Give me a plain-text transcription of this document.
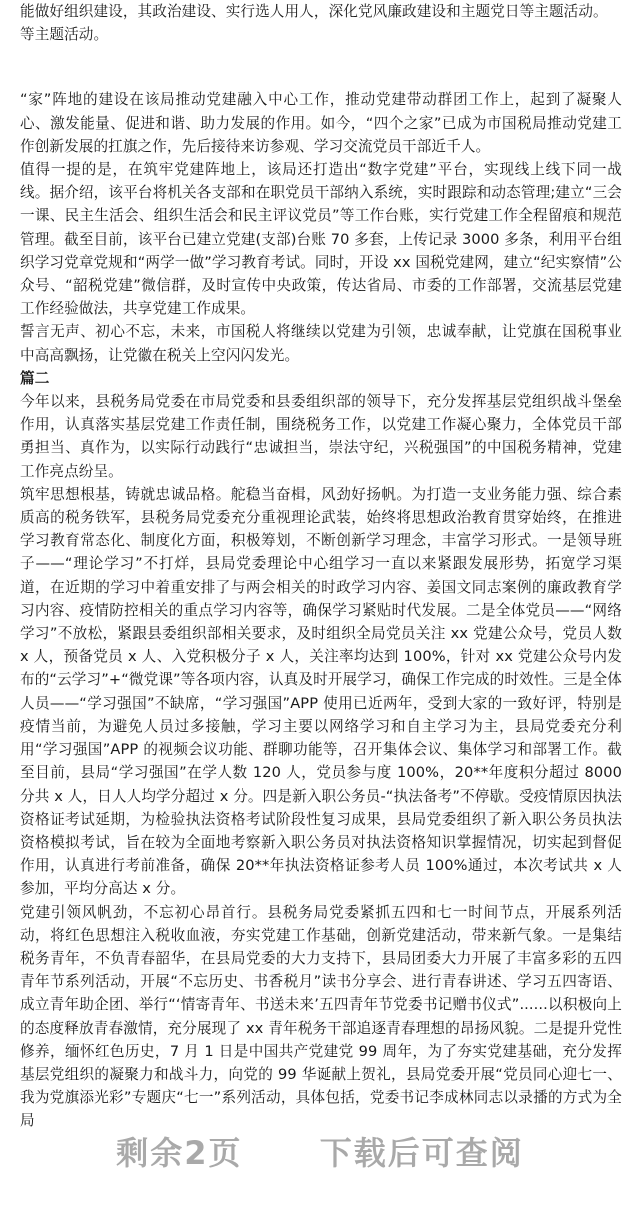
能做好组织建设，其政治建设、实行选人用人，深化党风廉政建设和主题党日等主题活动。

等主题活动。

“家”阵地的建设在该局推动党建融入中心工作，推动党建带动群团工作上，起到了凝聚人心、激发能量、促进和谐、助力发展的作用。如今，“四个之家”已成为市国税局推动党建工作创新发展的扛旗之作，先后接待来访参观、学习交流党员干部近千人。

值得一提的是，在筑牢党建阵地上，该局还打造出“数字党建”平台，实现线上线下同一战线。据介绍，该平台将机关各支部和在职党员干部纳入系统，实时跟踪和动态管理;建立“三会一课、民主生活会、组织生活会和民主评议党员”等工作台账，实行党建工作全程留痕和规范管理。截至目前，该平台已建立党建(支部)台账 70 多套，上传记录 3000 多条，利用平台组织学习党章党规和“两学一做”学习教育考试。同时，开设 xx 国税党建网，建立“纪实察情”公众号、“韶税党建”微信群，及时宣传中央政策，传达省局、市委的工作部署，交流基层党建工作经验做法，共享党建工作成果。

誓言无声、初心不忘，未来，市国税人将继续以党建为引领，忠诚奉献，让党旗在国税事业中高高飘扬，让党徽在税关上空闪闪发光。

篇二

今年以来，县税务局党委在市局党委和县委组织部的领导下，充分发挥基层党组织战斗堡垒作用，认真落实基层党建工作责任制，围绕税务工作，以党建工作凝心聚力，全体党员干部勇担当、真作为，以实际行动践行“忠诚担当，崇法守纪，兴税强国”的中国税务精神，党建工作亮点纷呈。

筑牢思想根基，铸就忠诚品格。舵稳当奋楫，风劲好扬帆。为打造一支业务能力强、综合素质高的税务铁军，县税务局党委充分重视理论武装，始终将思想政治教育贯穿始终，在推进学习教育常态化、制度化方面，积极筹划，不断创新学习理念，丰富学习形式。一是领导班子——“理论学习”不打烊，县局党委理论中心组学习一直以来紧跟发展形势，拓宽学习渠道，在近期的学习中着重安排了与两会相关的时政学习内容、姜国文同志案例的廉政教育学习内容、疫情防控相关的重点学习内容等，确保学习紧贴时代发展。二是全体党员——“网络学习”不放松，紧跟县委组织部相关要求，及时组织全局党员关注 xx 党建公众号，党员人数 x 人，预备党员 x 人、入党积极分子 x 人，关注率均达到 100%，针对 xx 党建公众号内发布的“云学习”+“微党课”等各项内容，认真及时开展学习，确保工作完成的时效性。三是全体人员——“学习强国”不缺席，“学习强国”APP 使用已近两年，受到大家的一致好评，特别是疫情当前，为避免人员过多接触，学习主要以网络学习和自主学习为主，县局党委充分利用“学习强国”APP 的视频会议功能、群聊功能等，召开集体会议、集体学习和部署工作。截至目前，县局“学习强国”在学人数 120 人，党员参与度 100%，20**年度积分超过 8000 分共 x 人，日人人均学分超过 x 分。四是新入职公务员-“执法备考”不停歇。受疫情原因执法资格证考试延期，为检验执法资格考试阶段性复习成果，县局党委组织了新入职公务员执法资格模拟考试，旨在较为全面地考察新入职公务员对执法资格知识掌握情况，切实起到督促作用，认真进行考前准备，确保 20**年执法资格证参考人员 100%通过，本次考试共 x 人参加，平均分高达 x 分。

党建引领风帆劲，不忘初心昂首行。县税务局党委紧抓五四和七一时间节点，开展系列活动，将红色思想注入税收血液，夯实党建工作基础，创新党建活动，带来新气象。一是集结税务青年，不负青春韶华，在县局党委的大力支持下，县局团委大力开展了丰富多彩的五四青年节系列活动，开展“不忘历史、书香税月”读书分享会、进行青春讲述、学习五四寄语、成立青年助企团、举行“‘情寄青年、书送未来’五四青年节党委书记赠书仪式”......以积极向上的态度释放青春激情，充分展现了 xx 青年税务干部追逐青春理想的昂扬风貌。二是提升党性修养，缅怀红色历史，7 月 1 日是中国共产党建党 99 周年，为了夯实党建基础，充分发挥基层党组织的凝聚力和战斗力，向党的 99 华诞献上贺礼，县局党委开展“党员同心迎七一、我为党旗添光彩”专题庆“七一”系列活动，具体包括，党委书记李成林同志以录播的方式为全局

剩余2页 下载后可查阅
